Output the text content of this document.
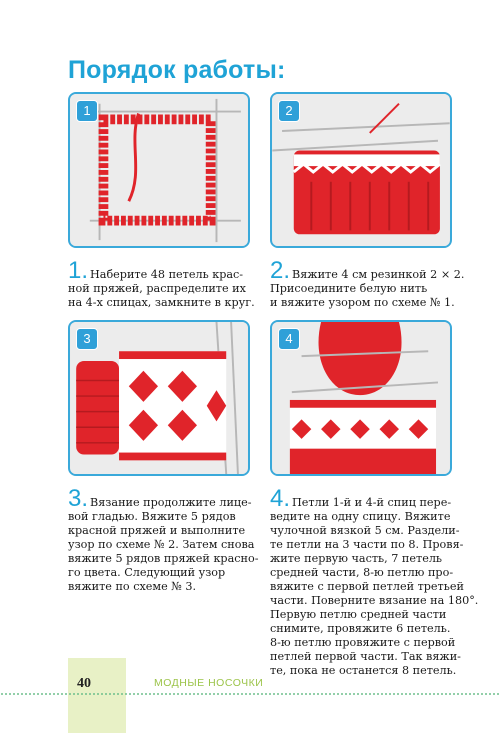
Порядок работы:
1	2
1. Наберите 48 петель крас-
ной пряжей, распределите их
на 4-х спицах, замкните в круг.
2. Вяжите 4 см резинкой 2 × 2.
Присоедините белую нить
и вяжите узором по схеме № 1.
3	4
3. Вязание продолжите лице-
вой гладью. Вяжите 5 рядов
красной пряжей и выполните
узор по схеме № 2. Затем снова
вяжите 5 рядов пряжей красно-
го цвета. Следующий узор
вяжите по схеме № 3.
4. Петли 1-й и 4-й спиц пере-
ведите на одну спицу. Вяжите
чулочной вязкой 5 см. Раздели-
те петли на 3 части по 8. Провя-
жите первую часть, 7 петель
средней части, 8-ю петлю про-
вяжите с первой петлей третьей
части. Поверните вязание на 180°.
Первую петлю средней части
снимите, провяжите 6 петель.
8-ю петлю провяжите с первой
петлей первой части. Так вяжи-
те, пока не останется 8 петель.
40	МОДНЫЕ НОСОЧКИ
